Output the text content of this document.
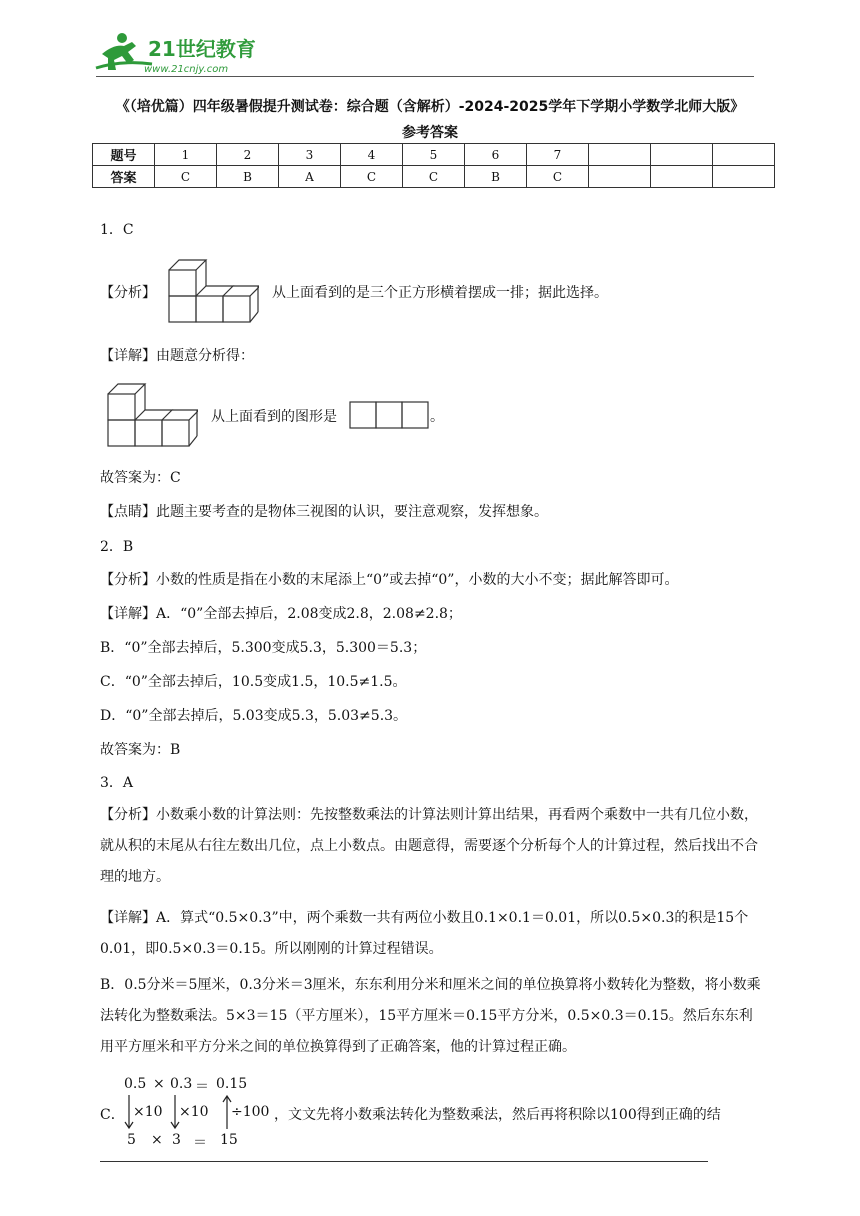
21世纪教育
www.21cnjy.com
《（培优篇）四年级暑假提升测试卷：综合题（含解析）-2024-2025学年下学期小学数学北师大版》
参考答案
题号	1	2	3	4	5	6	7			
答案	C	B	A	C	C	B	C			
1．C
【分析】	从上面看到的是三个正方形横着摆成一排；据此选择。
【详解】由题意分析得：
从上面看到的图形是	。
故答案为：C
【点睛】此题主要考查的是物体三视图的认识，要注意观察，发挥想象。
2．B
【分析】小数的性质是指在小数的末尾添上“0”或去掉“0”，小数的大小不变；据此解答即可。
【详解】A．“0”全部去掉后，2.08变成2.8，2.08≠2.8；
B．“0”全部去掉后，5.300变成5.3，5.300＝5.3；
C．“0”全部去掉后，10.5变成1.5，10.5≠1.5。
D．“0”全部去掉后，5.03变成5.3，5.03≠5.3。
故答案为：B
3．A
【分析】小数乘小数的计算法则：先按整数乘法的计算法则计算出结果，再看两个乘数中一共有几位小数，就从积的末尾从右往左数出几位，点上小数点。由题意得，需要逐个分析每个人的计算过程，然后找出不合理的地方。
【详解】A．算式“0.5×0.3”中，两个乘数一共有两位小数且0.1×0.1＝0.01，所以0.5×0.3的积是15个0.01，即0.5×0.3＝0.15。所以刚刚的计算过程错误。
B．0.5分米＝5厘米，0.3分米＝3厘米，东东利用分米和厘米之间的单位换算将小数转化为整数，将小数乘法转化为整数乘法。5×3＝15（平方厘米），15平方厘米＝0.15平方分米，0.5×0.3＝0.15。然后东东利用平方厘米和平方分米之间的单位换算得到了正确答案，他的计算过程正确。
0.5 × 0.3 ＝ 0.15
C． ×10 ×10 ÷100 ，文文先将小数乘法转化为整数乘法，然后再将积除以100得到正确的结
5 × 3 ＝ 15
